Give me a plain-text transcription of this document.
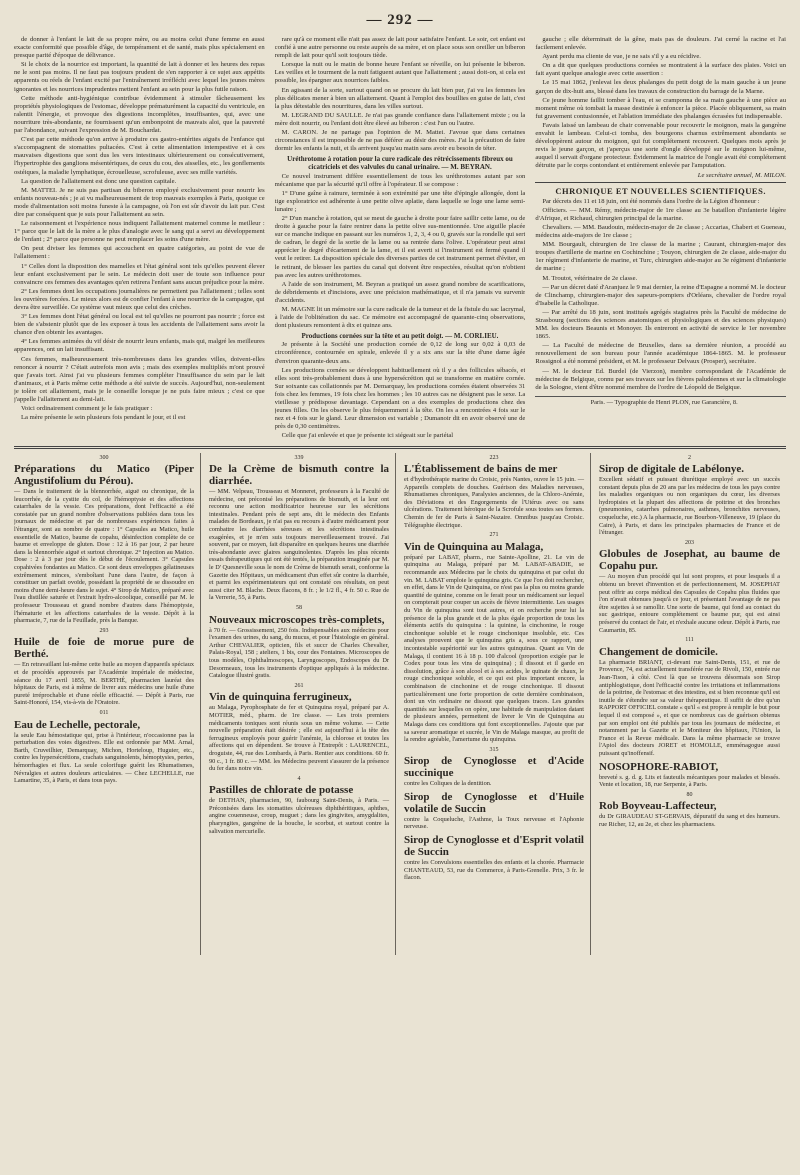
— 292 —

de donner à l'enfant le lait de sa propre mère, ou au moins celui d'une femme en aussi exacte conformité que possible d'âge, de tempérament et de santé, mais plus spécialement en presque parité d'époque de délivrance.

Si le choix de la nourrice est important, la quantité de lait à donner et les heures des repas ne le sont pas moins. Il ne faut pas toujours prudent de s'en rapporter à ce sujet aux appétits apparents ou réels de l'enfant excité par l'entraînement irréfléchi avec lequel les jeunes mères ignorantes et les nourrices imprudentes mettent l'enfant au sein pour la plus futile raison.

Cette méthode anti-hygiénique contribue évidemment à stimuler fâcheusement les propriétés physiologiques de l'estomac, développe prématurément la capacité du ventricule, en ralentit l'énergie, et provoque des digestions incomplètes, insuffisantes, qui, avec une nourriture très-abondante, ne fournissent qu'un embonpoint de mauvais aloi, que la pauvreté par l'abondance, suivant l'expression de M. Bouchardat.

C'est par cette méthode qu'on arrive à produire ces gastro-entérites aiguës de l'enfance qui s'accompagnent de stomatites pultacées. C'est à cette alimentation intempestive et à ces mauvaises digestions que sont dus les vers intestinaux ultérieurement ou consécutivement, l'hypertrophie des ganglions mésentériques, de ceux du cou, des aisselles, etc., les gonflements ostéiques, la maladie lymphatique, écrouelleuse, scrofuleuse, avec ses mille variétés.

La question de l'allaitement est donc une question capitale.

M. MATTEI. Je ne suis pas partisan du biberon employé exclusivement pour nourrir les enfants nouveau-nés ; je ai vu malheureusement de trop mauvais exemples à Paris, quoique ce mode d'alimentation soit moins funeste à la campagne, où l'on est sûr d'avoir du lait pur. C'est dire par conséquent que je suis pour l'allaitement au sein.

Le raisonnement et l'expérience nous indiquent l'allaitement maternel comme le meilleur : 1° parce que le lait de la mère a le plus d'analogie avec le sang qui a servi au développement de l'enfant ; 2° parce que personne ne peut remplacer les soins d'une mère.

On peut diviser les femmes qui accouchent en quatre catégories, au point de vue de l'allaitement :

1° Celles dont la disposition des mamelles et l'état général sont tels qu'elles peuvent élever leur enfant exclusivement par le sein. Le médecin doit user de toute son influence pour convaincre ces femmes des avantages qu'en retirera l'enfant sans aucun préjudice pour la mère.

2° Les femmes dont les occupations journalières ne permettent pas l'allaitement ; telles sont les ouvrières forcées. Le mieux alors est de confier l'enfant à une nourrice de la campagne, qui devra être surveillée. Ce système vaut mieux que celui des crèches.

3° Les femmes dont l'état général ou local est tel qu'elles ne pourront pas nourrir ; force est bien de s'abstenir plutôt que de les exposer à tous les accidents de l'allaitement sans avoir la chance d'en obtenir les avantages.

4° Les femmes animées du vif désir de nourrir leurs enfants, mais qui, malgré les meilleures apparences, ont un lait insuffisant.

Ces femmes, malheureusement très-nombreuses dans les grandes villes, doivent-elles renoncer à nourrir ? C'était autrefois mon avis ; mais des exemples multipliés m'ont prouvé que j'avais tort. Ainsi j'ai vu plusieurs femmes compléter l'insuffisance du sein par le lait d'animaux, et à Paris même cette méthode a été suivie de succès. Aujourd'hui, non-seulement je tolère cet allaitement, mais je le conseille lorsque je ne puis faire mieux ; c'est ce que j'appelle l'allaitement au demi-lait.

Voici ordinairement comment je le fais pratiquer :

La mère présente le sein plusieurs fois pendant le jour, et il est

rare qu'à ce moment elle n'ait pas assez de lait pour satisfaire l'enfant. Le soir, cet enfant est confié à une autre personne ou reste auprès de sa mère, et on place sous son oreiller un biberon rempli de lait pour qu'il soit toujours tiède.

Lorsque la nuit ou le matin de bonne heure l'enfant se réveille, on lui présente le biberon. Les veilles et le tourment de la nuit fatiguent autant que l'allaitement ; aussi doit-on, si cela est possible, les épargner aux nourrices faibles.

En agissant de la sorte, surtout quand on se procure du lait bien pur, j'ai vu les femmes les plus délicates mener à bien un allaitement. Quant à l'emploi des bouillies en guise de lait, c'est la plus détestable des nourritures, dans les villes surtout.

M. LEGRAND DU SAULLE. Je n'ai pas grande confiance dans l'allaitement mixte ; ou la mère doit nourrir, ou l'enfant doit être élevé au biberon : c'est l'un ou l'autre.

M. CARON. Je ne partage pas l'opinion de M. Mattei. J'avoue que dans certaines circonstances il est impossible de ne pas déférer au désir des mères. J'ai la précaution de faire dormir les enfants la nuit, et ils arrivent jusqu'au matin sans avoir eu besoin de téter.

Uréthrotome à rotation pour la cure radicale des rétrécissements fibreux ou cicatriciels et des valvules du canal urinaire. — M. BEYRAN.

Ce nouvel instrument diffère essentiellement de tous les uréthrotomes autant par son mécanisme que par la sécurité qu'il offre à l'opérateur. Il se compose :

1° D'une gaîne à rainure, terminée à son extrémité par une tête d'épingle allongée, dont la tige exploratrice est adhérente à une petite olive aplatie, dans laquelle se loge une lame semi-lunaire ;

2° D'un manche à rotation, qui se meut de gauche à droite pour faire saillir cette lame, ou de droite à gauche pour la faire rentrer dans la petite olive sus-mentionnée. Une aiguille placée sur ce manche indique en passant sur les numéros 1, 2, 3, 4 ou 0, gravés sur la rondelle qui sert de cadran, le degré de la sortie de la lame ou sa rentrée dans l'olive. L'opérateur peut ainsi apprécier le degré d'écartement de la lame, et il est averti si l'instrument est fermé quand il veut le retirer. La disposition spéciale des diverses parties de cet instrument permet d'éviter, en le retirant, de blesser les parties du canal qui doivent être respectées, résultat qu'on n'obtient pas avec les autres uréthrotomes.

A l'aide de son instrument, M. Beyran a pratiqué un assez grand nombre de scarifications, de débridements et d'incisions, avec une précision mathématique, et il n'a jamais vu survenir d'accidents.

M. MAGNE lit un mémoire sur la cure radicale de la tumeur et de la fistule du sac lacrymal, à l'aide de l'oblitération du sac. Ce mémoire est accompagné de quarante-cinq observations, dont plusieurs remontent à dix et quinze ans.

Productions cornées sur la tête et au petit doigt. — M. CORLIEU.

Je présente à la Société une production cornée de 0,12 de long sur 0,02 à 0,03 de circonférence, contournée en spirale, enlevée il y a six ans sur la tête d'une dame âgée d'environ quarante-deux ans.

Les productions cornées se développent habituellement où il y a des follicules sébacés, et elles sont très-probablement dues à une hypersécrétion qui se transforme en matière cornée. Sur soixante cas collationnés par M. Demarquay, les productions cornées étaient observées 31 fois chez les femmes, 19 fois chez les hommes ; les 10 autres cas ne désignent pas le sexe. La vieillesse y prédispose davantage. Cependant on a des exemples de productions chez des jeunes filles. On les observe le plus fréquemment à la tête. On les a rencontrées 4 fois sur le nez et 4 fois sur le gland. Leur dimension est variable ; Dumanoir dit en avoir observé une de près de 0,30 centimètres.

Celle que j'ai enlevée et que je présente ici siégeait sur le pariétal

gauche ; elle déterminait de la gêne, mais pas de douleurs. J'ai cerné la racine et l'ai facilement enlevée.

Ayant perdu ma cliente de vue, je ne sais s'il y a eu récidive.

On a dit que quelques productions cornées se montraient à la surface des plaies. Voici un fait ayant quelque analogie avec cette assertion :

Le 15 mai 1862, j'enlevai les deux phalanges du petit doigt de la main gauche à un jeune garçon de dix-huit ans, blessé dans les travaux de construction du barrage de la Marne.

Ce jeune homme faillit tomber à l'eau, et se cramponna de sa main gauche à une pièce au moment même où tombait la masse destinée à enfoncer la pièce. Placée obliquement, sa main fut gravement contusionnée, et l'ablation immédiate des phalanges écrasées fut indispensable.

Favais laissé un lambeau de chair convenable pour recouvrir le moignon, mais la gangrène envahit le lambeau. Celui-ci tomba, des bourgeons charnus extrêmement abondants se développèrent autour du moignon, qui fut complétement recouvert. Quelques mois après je revis le jeune garçon, et j'aperçus une sorte d'ongle développé sur le moignon lui-même, auquel il servait d'organe protecteur. Évidemment la matrice de l'ongle avait été complétement détruite par le corps contondant et entièrement enlevée par l'amputation.

Le secrétaire annuel, M. MILON.

CHRONIQUE ET NOUVELLES SCIENTIFIQUES.

Par décrets des 11 et 18 juin, ont été nommés dans l'ordre de la Légion d'honneur :

Officiers. — MM. Rémy, médecin-major de 1re classe au 3e bataillon d'infanterie légère d'Afrique, et Richaud, chirurgien principal de la marine.

Chevaliers. — MM. Baudouin, médecin-major de 2e classe ; Accarias, Chabert et Gueneau, médecins aide-majors de 1re classe ;

MM. Bourgault, chirurgien de 1re classe de la marine ; Caurant, chirurgien-major des troupes d'artillerie de marine en Cochinchine ; Touyon, chirurgien de 2e classe, aide-major du 1er régiment d'infanterie de marine, et Turc, chirurgien aide-major au 3e régiment d'infanterie de marine ;

M. Troutot, vétérinaire de 2e classe.

— Par un décret daté d'Aranjuez le 9 mai dernier, la reine d'Espagne a nommé M. le docteur de Clinchamp, chirurgien-major des sapeurs-pompiers d'Orléans, chevalier de l'ordre royal d'Isabelle la Catholique.

— Par arrêté du 18 juin, sont institués agrégés stagiaires près la Faculté de médecine de Strasbourg (sections des sciences anatomiques et physiologiques et des sciences physiques) MM. les docteurs Beaunis et Monoyer. Ils entreront en activité de service le 1er novembre 1865.

— La Faculté de médecine de Bruxelles, dans sa dernière réunion, a procédé au renouvellement de son bureau pour l'année académique 1864-1865. M. le professeur Rossignol a été nommé président, et M. le professeur Delvaux (Prosper), secrétaire.

— M. le docteur Ed. Burdel (de Vierzon), membre correspondant de l'Académie de médecine de Belgique, connu par ses travaux sur les fièvres paludéennes et sur la climatologie de la Sologne, vient d'être nommé membre de l'ordre de Léopold de Belgique.

Paris. — Typographie de Henri PLON, rue Garancière, 8.

300
Préparations du Matico (Piper Angustifolium du Pérou).
— Dans le traitement de la blennorrhée, aiguë ou chronique, de la leucorrhée, de la cystite du col, de l'hémoptysie et des affections catarrhales de la vessie. Ces préparations, dont l'efficacité a été constatée par un grand nombre d'observations publiées dans tous les journaux de médecine et par de nombreuses expériences faites à l'étranger, sont au nombre de quatre : 1° Capsules au Matico, huile essentielle de Matico, baume de copahu, désinfection complète de ce baume et enveloppe de gluten. Dose : 12 à 16 par jour, 2 par heure dans la blennorrhée aiguë et surtout chronique. 2° Injection au Matico. Dose : 2 à 3 par jour dès le début de l'écoulement. 3° Capsules copahivées fondantes au Matico. Ce sont deux enveloppes gélatineuses extrêmement minces, s'emboîtant l'une dans l'autre, de façon à constituer un parfait ovoïde, possédant la propriété de se dissoudre en moins d'une demi-heure dans le sujet. 4° Sirop de Matico, préparé avec l'eau distillée saturée et l'extrait hydro-alcoolique, conseillé par M. le professeur Trousseau et grand nombre d'autres dans l'hémoptysie, l'hématurie et les affections catarrhales de la vessie. Dépôt à la pharmacie, 7, rue de la Feuillade, près la Banque.
293
Huile de foie de morue pure de Berthé.
— En retravaillant lui-même cette huile au moyen d'appareils spéciaux et de procédés approuvés par l'Académie impériale de médecine, séance du 17 avril 1855, M. BERTHÉ, pharmacien lauréat des hôpitaux de Paris, est à même de livrer aux médecins une huile d'une pureté irréprochable et d'une réelle efficacité. — Dépôt à Paris, rue Saint-Honoré, 154, vis-à-vis de l'Oratoire.
011
Eau de Lechelle, pectorale,
la seule Eau hémostatique qui, prise à l'intérieur, n'occasionne pas la perturbation des voies digestives. Elle est ordonnée par MM. Arnal, Barth, Cruveilhier, Demarquay, Michon, Horteloup, Huguier, etc., contre les hypersécrétions, crachats sanguinolents, hémoptysies, pertes, hémorrhagies et flux. La seule colorifuge guérit les Rhumatismes, Névralgies et autres douleurs articulaires. — Chez LECHELLE, rue Lamartine, 35, à Paris, et dans tous pays.
339
De la Crème de bismuth contre la diarrhée.
— MM. Velpeau, Trousseau et Monneret, professeurs à la Faculté de médecine, ont préconisé les préparations de bismuth, et la leur ont reconnu une action modificatrice heureuse sur les sécrétions intestinales. Pendant près de sept ans, dit le médecin des Enfants malades de Bordeaux, je n'ai pas eu recours à d'autre médicament pour combattre les diarrhées séreuses et les sécrétions intestinales exagérées, et je m'en suis toujours merveilleusement trouvé. J'ai souvent, par ce moyen, fait disparaître en quelques heures une diarrhée très-abondante avec glaires sanguinolentes. D'après les plus récents essais thérapeutiques qui ont été tentés, la préparation imaginée par M. le D' Quesneville sous le nom de Crème de bismuth serait, conforme la Gazette des Hôpitaux, un médicament d'un effet sûr contre la diarrhée, et parmi les expérimentateurs qui ont constaté ces résultats, on peut aussi citer M. Blache. Deux flacons, 8 fr. ; le 1/2 fl., 4 fr. 50 c. Rue de la Verrerie, 55, à Paris.
58
Nouveaux microscopes très-complets,
à 70 fr. — Grossissement, 250 fois. Indispensables aux médecins pour l'examen des urines, du sang, du mucus, et pour l'histologie en général. Arthur CHEVALIER, opticien, fils et succr de Charles Chevalier, Palais-Royal, 158 ; ateliers, 1 bis, cour des Fontaines. Microscopes de tous modèles, Ophthalmoscopes, Laryngoscopes, Endoscopes du Dr Desormeaux, tous les instruments d'optique appliqués à la médecine. Catalogue illustré gratis.
261
Vin de quinquina ferrugineux,
au Malaga, Pyrophosphate de fer et Quinquina royal, préparé par A. MOTIER, méd., pharm. de 1re classe. — Les trois premiers médicaments toniques sont réunis sous un même volume. — Cette nouvelle préparation était désirée ; elle est aujourd'hui à la tête des ferrugineux employés pour guérir l'anémie, la chlorose et toutes les affections qui en dépendent. Se trouve à l'Entrepôt : LAURENCEL, droguiste, 44, rue des Lombards, à Paris. Rentier aux conditions. 60 fr. 90 c., 1 fr. 80 c. — MM. les Médecins peuvent s'assurer de la présence du fer dans notre vin.
4
Pastilles de chlorate de potasse
de DETHAN, pharmacien, 90, faubourg Saint-Denis, à Paris. — Préconisées dans les stomatites ulcéreuses diphthéritiques, aphthes, angine couenneuse, croup, muguet ; dans les gingivites, amygdalites, pharyngites, gangrène de la bouche, le scorbut, et surtout contre la salivation mercurielle.
223
L'Établissement de bains de mer
et d'hydrothérapie marine du Croisic, près Nantes, ouvre le 15 juin. — Appareils complets de douches. Guérison des Maladies nerveuses, Rhumatismes chroniques, Paralysies anciennes, de la Chloro-Anémie, des Déviations et des Engorgements de l'Utérus avec ou sans ulcérations. Traitement héroïque de la Scrofule sous toutes ses formes. Chemin de fer de Paris à Saint-Nazaire. Omnibus jusqu'au Croisic. Télégraphie électrique.
271
Vin de Quinquina au Malaga,
préparé par LABAT, pharm., rue Sainte-Apolline, 21. Le vin de quinquina au Malaga, préparé par M. LABAT-ABADIE, se recommande aux Médecins par le choix du quinquina et par celui du vin. M. LABAT emploie le quinquina gris. Ce que l'on doit rechercher, en effet, dans le Vin de Quinquina, ce n'est pas la plus ou moins grande quantité de quinine, comme on le ferait pour un médicament sur lequel on compterait pour couper un accès de fièvre intermittente. Les usages du Vin de quinquina sont tout autres, et on recherche pour lui la présence de la plus grande et de la plus égale proportion de tous les éléments actifs du quinquina : la quinine, la cinchonine, le rouge cinchonique soluble et le rouge cinchonique insoluble, etc. Ces analyses prouvent que le quinquina gris a, sous ce rapport, une incontestable supériorité sur les autres quinquinas. Quant au Vin de Malaga, il contient 16 à 18 p. 100 d'alcool (proportion exigée par le Codex pour tous les vins de quinquina) ; il dissout et il garde en dissolution, grâce à son alcool et à ses acides, le quinate de chaux, le rouge cinchonique soluble, et ce qui est plus important encore, la combinaison de cinchonine et de rouge cinchonique. Il dissout particulièrement une forte proportion de cette dernière combinaison, dont un vin ordinaire ne dissout que quelques traces. Les grandes quantités sur lesquelles on opère, une habitude de manipulation datant de plusieurs années, permettent de livrer le Vin de Quinquina au Malaga dans ces conditions qui font exceptionnelles. J'ajoute que par sa saveur aromatique et sucrée, le Vin de Malaga masque, au profit de la rendre agréable, l'amertume du quinquina.
315
Sirop de Cynoglosse et d'Acide succinique
contre les Coliques de la dentition.
Sirop de Cynoglosse et d'Huile volatile de Succin
contre la Coqueluche, l'Asthme, la Toux nerveuse et l'Aphonie nerveuse.
Sirop de Cynoglosse et d'Esprit volatil de Succin
contre les Convulsions essentielles des enfants et la chorée. Pharmacie CHANTEAUD, 53, rue du Commerce, à Paris-Grenelle. Prix, 3 fr. le flacon.
2
Sirop de digitale de Labélonye.
Excellent sédatif et puissant diurétique employé avec un succès constant depuis plus de 20 ans par les médecins de tous les pays contre les maladies organiques ou non organiques du cœur, les diverses hydropisies et la plupart des affections de poitrine et des bronches (pneumonies, catarrhes pulmonaires, asthmes, bronchites nerveuses, coqueluche, etc.) A la pharmacie, rue Bourbon-Villeneuve, 19 (place du Caire), à Paris, et dans les principales pharmacies de France et de l'étranger.
203
Globules de Josephat, au baume de Copahu pur.
— Au moyen d'un procédé qui lui sont propres, et pour lesquels il a obtenu un brevet d'invention et de perfectionnement, M. JOSEPHAT peut offrir au corps médical des Capsules de Copahu plus fluides que l'on n'avait obtenues jusqu'à ce jour, et présentant l'avantage de ne pas être sujettes à se ramollir. Une sorte de baume, qui fond au contact du suc gastrique, entoure complétement ce baume pur, qui est ainsi préservé du contact de l'air, et n'exhale aucune odeur. Dépôt à Paris, rue Caumartin, 85.
111
Changement de domicile.
La pharmacie BRIANT, ci-devant rue Saint-Denis, 151, et rue de Provence, 74, est actuellement transférée rue de Rivoli, 150, entrée rue Jean-Tison, à côté. C'est là que se trouvera désormais son Sirop antiphlogistique, dont l'efficacité contre les irritations et inflammations de la poitrine, de l'estomac et des intestins, est si bien reconnue qu'il est inutile de s'étendre sur sa valeur thérapeutique. Il suffit de dire qu'un RAPPORT OFFICIEL constate « qu'il « est propre à remplir le but pour lequel il est composé », et que ce nombreux cas de guérison obtenus par son emploi ont été publiés par tous les journaux de médecine, et notamment par la Gazette et le Moniteur des hôpitaux, l'Union, la France et la Revue médicale. Dans la même pharmacie se trouve l'Apiol des docteurs JORET et HOMOLLE, emménagogue aussi puissant qu'inoffensif.
NOSOPHORE-RABIOT,
breveté s. g. d. g. Lits et fauteuils mécaniques pour malades et blessés. Vente et location, 18, rue Serpente, à Paris.
80
Rob Boyveau-Laffecteur,
du Dr GIRAUDEAU ST-GERVAIS, dépuratif du sang et des humeurs. rue Richer, 12, au 2e, et chez les pharmaciens.
